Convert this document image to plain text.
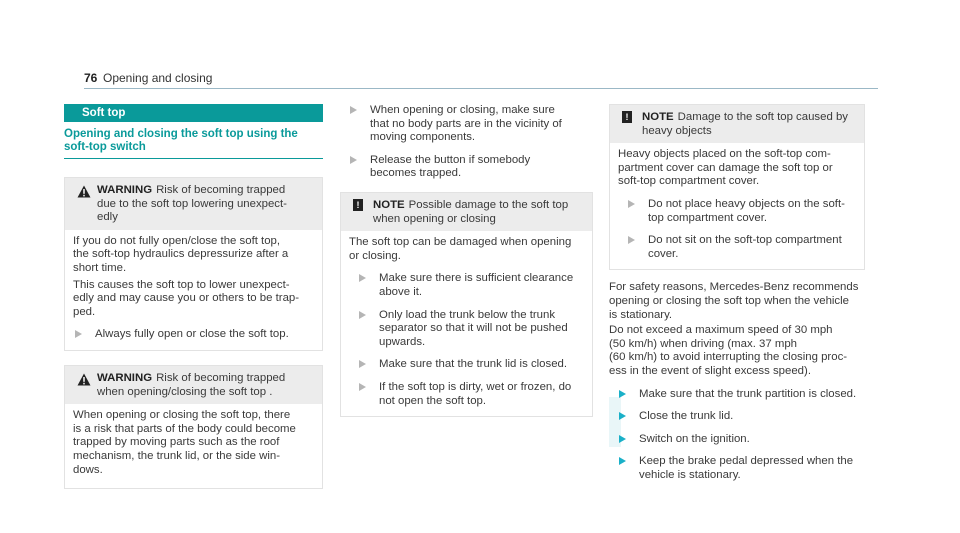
76 Opening and closing
Soft top
Opening and closing the soft top using the soft-top switch
WARNING Risk of becoming trapped
due to the soft top lowering unexpect-
edly

If you do not fully open/close the soft top,
the soft-top hydraulics depressurize after a
short time.

This causes the soft top to lower unexpect-
edly and may cause you or others to be trap-
ped.

Always fully open or close the soft top.
WARNING Risk of becoming trapped
when opening/closing the soft top .

When opening or closing the soft top, there
is a risk that parts of the body could become
trapped by moving parts such as the roof
mechanism, the trunk lid, or the side win-
dows.

When opening or closing, make sure
that no body parts are in the vicinity of
moving components.
Release the button if somebody
becomes trapped.
!	NOTE Possible damage to the soft top
when opening or closing

The soft top can be damaged when opening
or closing.

Make sure there is sufficient clearance
above it.
Only load the trunk below the trunk
separator so that it will not be pushed
upwards.
Make sure that the trunk lid is closed.
If the soft top is dirty, wet or frozen, do
not open the soft top.
!	NOTE Damage to the soft top caused by
heavy objects

Heavy objects placed on the soft-top com-
partment cover can damage the soft top or
soft-top compartment cover.

Do not place heavy objects on the soft-
top compartment cover.
Do not sit on the soft-top compartment
cover.

For safety reasons, Mercedes-Benz recommends
opening or closing the soft top when the vehicle
is stationary.

Do not exceed a maximum speed of 30 mph
(50 km/h) when driving (max. 37 mph
(60 km/h) to avoid interrupting the closing proc-
ess in the event of slight excess speed).

Make sure that the trunk partition is closed.
Close the trunk lid.
Switch on the ignition.
Keep the brake pedal depressed when the
vehicle is stationary.
